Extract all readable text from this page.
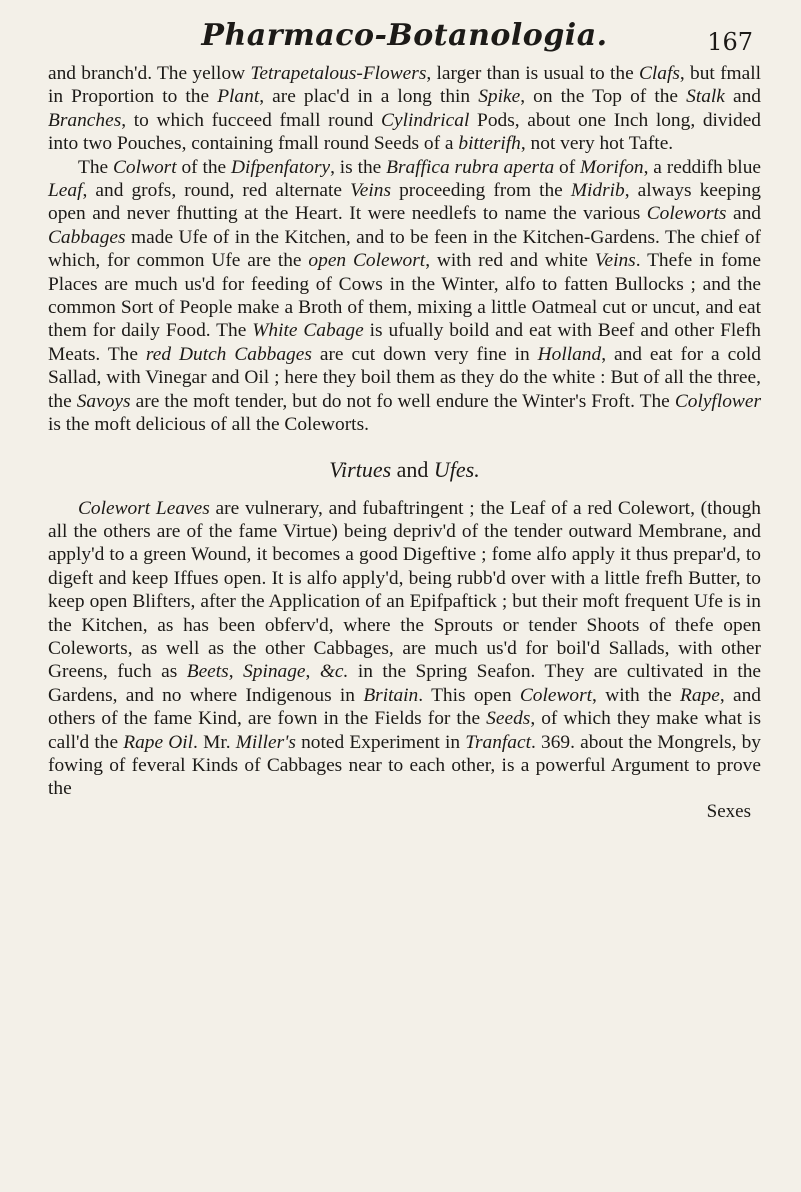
Pharmaco-Botanologia.	167

and branch'd. The yellow Tetrapetalous-Flowers, larger than is usual to the Clafs, but fmall in Proportion to the Plant, are plac'd in a long thin Spike, on the Top of the Stalk and Branches, to which fucceed fmall round Cylindrical Pods, about one Inch long, divided into two Pouches, containing fmall round Seeds of a bitterifh, not very hot Tafte.

The Colwort of the Difpenfatory, is the Braffica rubra aperta of Morifon, a reddifh blue Leaf, and grofs, round, red alternate Veins proceeding from the Midrib, always keeping open and never fhutting at the Heart. It were needlefs to name the various Coleworts and Cabbages made Ufe of in the Kitchen, and to be feen in the Kitchen-Gardens. The chief of which, for common Ufe are the open Colewort, with red and white Veins. Thefe in fome Places are much us'd for feeding of Cows in the Winter, alfo to fatten Bullocks ; and the common Sort of People make a Broth of them, mixing a little Oatmeal cut or uncut, and eat them for daily Food. The White Cabage is ufually boild and eat with Beef and other Flefh Meats. The red Dutch Cabbages are cut down very fine in Holland, and eat for a cold Sallad, with Vinegar and Oil ; here they boil them as they do the white : But of all the three, the Savoys are the moft tender, but do not fo well endure the Winter's Froft. The Colyflower is the moft delicious of all the Coleworts.

Virtues and Ufes.

Colewort Leaves are vulnerary, and fubaftringent ; the Leaf of a red Colewort, (though all the others are of the fame Virtue) being depriv'd of the tender outward Membrane, and apply'd to a green Wound, it becomes a good Digeftive ; fome alfo apply it thus prepar'd, to digeft and keep Iffues open. It is alfo apply'd, being rubb'd over with a little frefh Butter, to keep open Blifters, after the Application of an Epifpaftick ; but their moft frequent Ufe is in the Kitchen, as has been obferv'd, where the Sprouts or tender Shoots of thefe open Coleworts, as well as the other Cabbages, are much us'd for boil'd Sallads, with other Greens, fuch as Beets, Spinage, &c. in the Spring Seafon. They are cultivated in the Gardens, and no where Indigenous in Britain. This open Colewort, with the Rape, and others of the fame Kind, are fown in the Fields for the Seeds, of which they make what is call'd the Rape Oil. Mr. Miller's noted Experiment in Tranfact. 369. about the Mongrels, by fowing of feveral Kinds of Cabbages near to each other, is a powerful Argument to prove the

Sexes
